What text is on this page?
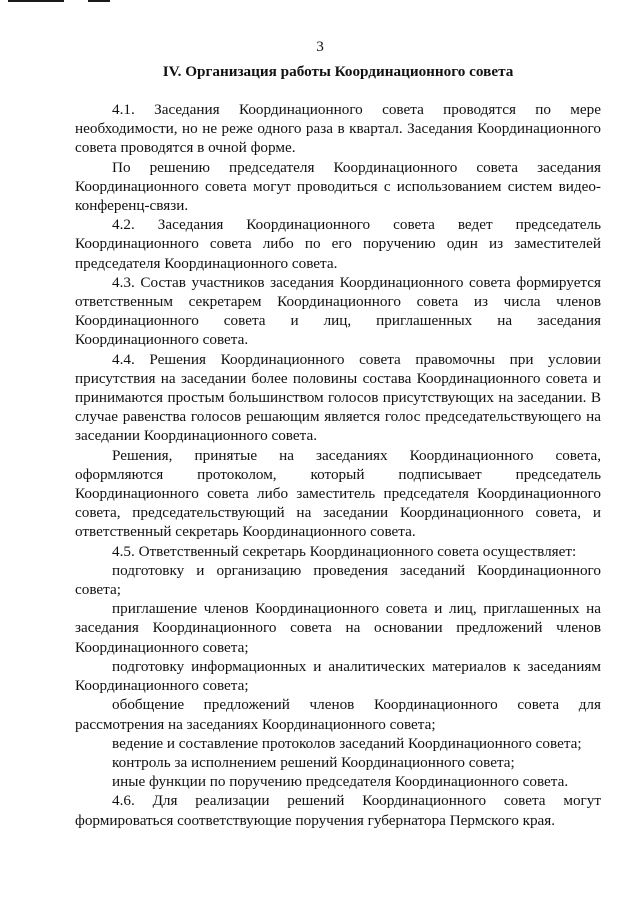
3
IV. Организация работы Координационного совета

4.1. Заседания Координационного совета проводятся по мере необходимости, но не реже одного раза в квартал. Заседания Координационного совета проводятся в очной форме.

По решению председателя Координационного совета заседания Координационного совета могут проводиться с использованием систем видео-конференц-связи.

4.2. Заседания Координационного совета ведет председатель Координационного совета либо по его поручению один из заместителей председателя Координационного совета.

4.3. Состав участников заседания Координационного совета формируется ответственным секретарем Координационного совета из числа членов Координационного совета и лиц, приглашенных на заседания Координационного совета.

4.4. Решения Координационного совета правомочны при условии присутствия на заседании более половины состава Координационного совета и принимаются простым большинством голосов присутствующих на заседании. В случае равенства голосов решающим является голос председательствующего на заседании Координационного совета.

Решения, принятые на заседаниях Координационного совета, оформляются протоколом, который подписывает председатель Координационного совета либо заместитель председателя Координационного совета, председательствующий на заседании Координационного совета, и ответственный секретарь Координационного совета.

4.5. Ответственный секретарь Координационного совета осуществляет:

подготовку и организацию проведения заседаний Координационного совета;

приглашение членов Координационного совета и лиц, приглашенных на заседания Координационного совета на основании предложений членов Координационного совета;

подготовку информационных и аналитических материалов к заседаниям Координационного совета;

обобщение предложений членов Координационного совета для рассмотрения на заседаниях Координационного совета;

ведение и составление протоколов заседаний Координационного совета;

контроль за исполнением решений Координационного совета;

иные функции по поручению председателя Координационного совета.

4.6. Для реализации решений Координационного совета могут формироваться соответствующие поручения губернатора Пермского края.
